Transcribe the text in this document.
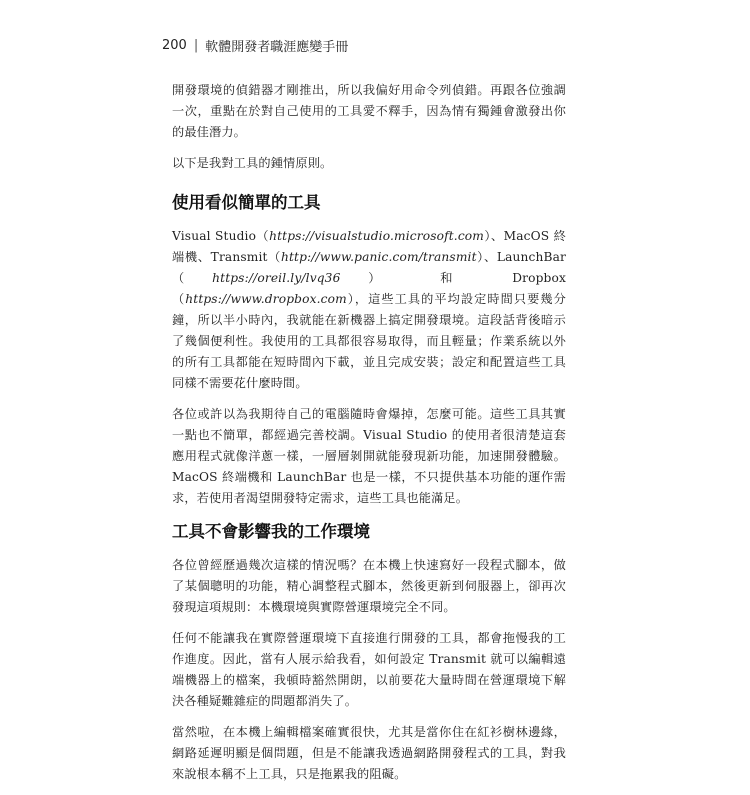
200 | 軟體開發者職涯應變手冊

開發環境的偵錯器才剛推出，所以我偏好用命令列偵錯。再跟各位強調一次，重點在於對自己使用的工具愛不釋手，因為情有獨鍾會激發出你的最佳潛力。

以下是我對工具的鍾情原則。

使用看似簡單的工具

Visual Studio（https://visualstudio.microsoft.com）、MacOS 終端機、Transmit（http://www.panic.com/transmit）、LaunchBar（https://oreil.ly/lvq36） 和 Dropbox（https://www.dropbox.com），這些工具的平均設定時間只要幾分鐘，所以半小時內，我就能在新機器上搞定開發環境。這段話背後暗示了幾個便利性。我使用的工具都很容易取得，而且輕量；作業系統以外的所有工具都能在短時間內下載，並且完成安裝；設定和配置這些工具同樣不需要花什麼時間。

各位或許以為我期待自己的電腦隨時會爆掉，怎麼可能。這些工具其實一點也不簡單，都經過完善校調。Visual Studio 的使用者很清楚這套應用程式就像洋蔥一樣，一層層剝開就能發現新功能，加速開發體驗。MacOS 終端機和 LaunchBar 也是一樣，不只提供基本功能的運作需求，若使用者渴望開發特定需求，這些工具也能滿足。

工具不會影響我的工作環境

各位曾經歷過幾次這樣的情況嗎？在本機上快速寫好一段程式腳本，做了某個聰明的功能，精心調整程式腳本，然後更新到伺服器上，卻再次發現這項規則：本機環境與實際營運環境完全不同。

任何不能讓我在實際營運環境下直接進行開發的工具，都會拖慢我的工作進度。因此，當有人展示給我看，如何設定 Transmit 就可以編輯遠端機器上的檔案，我頓時豁然開朗，以前要花大量時間在營運環境下解決各種疑難雜症的問題都消失了。

當然啦，在本機上編輯檔案確實很快，尤其是當你住在紅衫樹林邊緣，網路延遲明顯是個問題，但是不能讓我透過網路開發程式的工具，對我來說根本稱不上工具，只是拖累我的阻礙。
